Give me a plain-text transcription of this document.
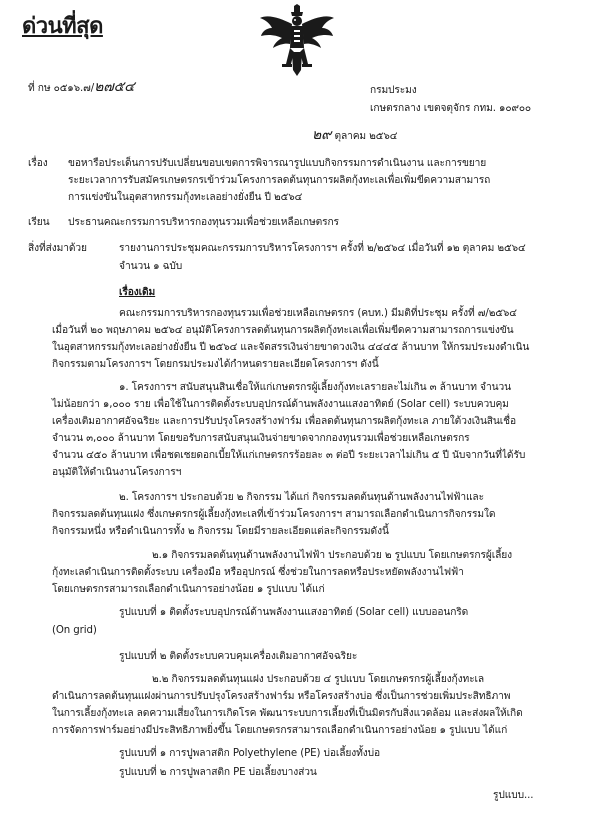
ด่วนที่สุด
ที่ กษ ๐๕๑๖.๗/๒๗๕๔	กรมประมง
เกษตรกลาง เขตจตุจักร กทม. ๑๐๙๐๐
๒๙ ตุลาคม ๒๕๖๔
เรื่อง ขอหารือประเด็นการปรับเปลี่ยนขอบเขตการพิจารณารูปแบบกิจกรรมการดำเนินงาน และการขยาย
ระยะเวลาการรับสมัครเกษตรกรเข้าร่วมโครงการลดต้นทุนการผลิตกุ้งทะเลเพื่อเพิ่มขีดความสามารถ
การแข่งขันในอุตสาหกรรมกุ้งทะเลอย่างยั่งยืน ปี ๒๕๖๔
เรียน ประธานคณะกรรมการบริหารกองทุนรวมเพื่อช่วยเหลือเกษตรกร
สิ่งที่ส่งมาด้วย	รายงานการประชุมคณะกรรมการบริหารโครงการฯ ครั้งที่ ๒/๒๕๖๔ เมื่อวันที่ ๑๒ ตุลาคม ๒๕๖๔
จำนวน ๑ ฉบับ
เรื่องเดิม
คณะกรรมการบริหารกองทุนรวมเพื่อช่วยเหลือเกษตรกร (คบท.) มีมติที่ประชุม ครั้งที่ ๗/๒๕๖๔
เมื่อวันที่ ๒๐ พฤษภาคม ๒๕๖๔ อนุมัติโครงการลดต้นทุนการผลิตกุ้งทะเลเพื่อเพิ่มขีดความสามารถการแข่งขัน
ในอุตสาหกรรมกุ้งทะเลอย่างยั่งยืน ปี ๒๕๖๔ และจัดสรรเงินจ่ายขาดวงเงิน ๔๔๔๕ ล้านบาท ให้กรมประมงดำเนิน
กิจกรรมตามโครงการฯ โดยกรมประมงได้กำหนดรายละเอียดโครงการฯ ดังนี้
๑. โครงการฯ สนับสนุนสินเชื่อให้แก่เกษตรกรผู้เลี้ยงกุ้งทะเลรายละไม่เกิน ๓ ล้านบาท จำนวน
ไม่น้อยกว่า ๑,๐๐๐ ราย เพื่อใช้ในการติดตั้งระบบอุปกรณ์ด้านพลังงานแสงอาทิตย์ (Solar cell) ระบบควบคุม
เครื่องเติมอากาศอัจฉริยะ และการปรับปรุงโครงสร้างฟาร์ม เพื่อลดต้นทุนการผลิตกุ้งทะเล ภายใต้วงเงินสินเชื่อ
จำนวน ๓,๐๐๐ ล้านบาท โดยขอรับการสนับสนุนเงินจ่ายขาดจากกองทุนรวมเพื่อช่วยเหลือเกษตรกร
จำนวน ๔๕๐ ล้านบาท เพื่อชดเชยดอกเบี้ยให้แก่เกษตรกรร้อยละ ๓ ต่อปี ระยะเวลาไม่เกิน ๕ ปี นับจากวันที่ได้รับ
อนุมัติให้ดำเนินงานโครงการฯ
๒. โครงการฯ ประกอบด้วย ๒ กิจกรรม ได้แก่ กิจกรรมลดต้นทุนด้านพลังงานไฟฟ้าและ
กิจกรรมลดต้นทุนแฝง ซึ่งเกษตรกรผู้เลี้ยงกุ้งทะเลที่เข้าร่วมโครงการฯ สามารถเลือกดำเนินการกิจกรรมใด
กิจกรรมหนึ่ง หรือดำเนินการทั้ง ๒ กิจกรรม โดยมีรายละเอียดแต่ละกิจกรรมดังนี้
๒.๑ กิจกรรมลดต้นทุนด้านพลังงานไฟฟ้า ประกอบด้วย ๒ รูปแบบ โดยเกษตรกรผู้เลี้ยง
กุ้งทะเลดำเนินการติดตั้งระบบ เครื่องมือ หรืออุปกรณ์ ซึ่งช่วยในการลดหรือประหยัดพลังงานไฟฟ้า
โดยเกษตรกรสามารถเลือกดำเนินการอย่างน้อย ๑ รูปแบบ ได้แก่
รูปแบบที่ ๑ ติดตั้งระบบอุปกรณ์ด้านพลังงานแสงอาทิตย์ (Solar cell) แบบออนกริด
(On grid)
รูปแบบที่ ๒ ติดตั้งระบบควบคุมเครื่องเติมอากาศอัจฉริยะ
๒.๒ กิจกรรมลดต้นทุนแฝง ประกอบด้วย ๔ รูปแบบ โดยเกษตรกรผู้เลี้ยงกุ้งทะเล
ดำเนินการลดต้นทุนแฝงผ่านการปรับปรุงโครงสร้างฟาร์ม หรือโครงสร้างบ่อ ซึ่งเป็นการช่วยเพิ่มประสิทธิภาพ
ในการเลี้ยงกุ้งทะเล ลดความเสี่ยงในการเกิดโรค พัฒนาระบบการเลี้ยงที่เป็นมิตรกับสิ่งแวดล้อม และส่งผลให้เกิด
การจัดการฟาร์มอย่างมีประสิทธิภาพยิ่งขึ้น โดยเกษตรกรสามารถเลือกดำเนินการอย่างน้อย ๑ รูปแบบ ได้แก่
รูปแบบที่ ๑ การปูพลาสติก Polyethylene (PE) บ่อเลี้ยงทั้งบ่อ
รูปแบบที่ ๒ การปูพลาสติก PE บ่อเลี้ยงบางส่วน
รูปแบบ...
